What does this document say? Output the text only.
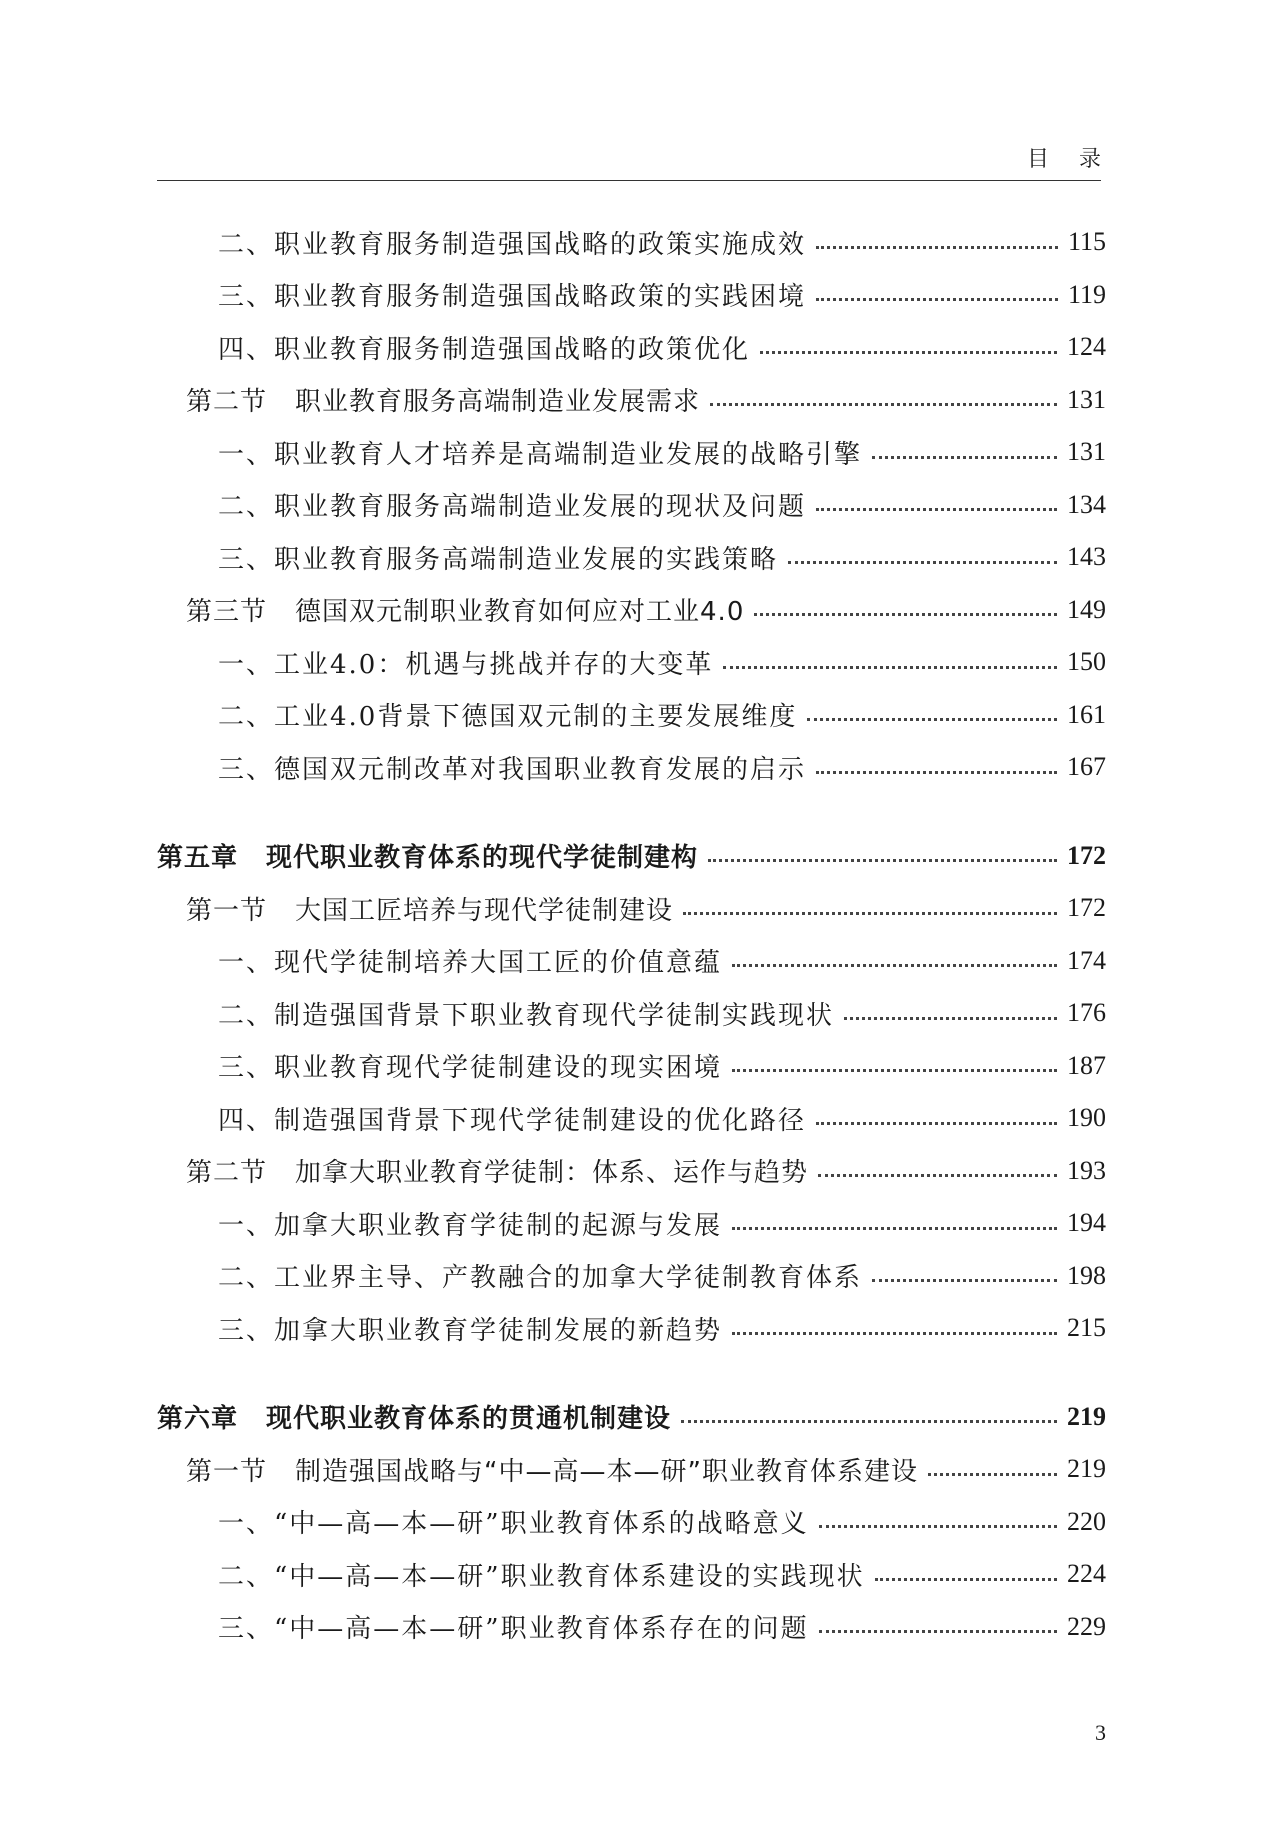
目录
二、职业教育服务制造强国战略的政策实施成效	115
三、职业教育服务制造强国战略政策的实践困境	119
四、职业教育服务制造强国战略的政策优化	124
第二节 职业教育服务高端制造业发展需求	131
一、职业教育人才培养是高端制造业发展的战略引擎	131
二、职业教育服务高端制造业发展的现状及问题	134
三、职业教育服务高端制造业发展的实践策略	143
第三节 德国双元制职业教育如何应对工业4.0	149
一、工业4.0：机遇与挑战并存的大变革	150
二、工业4.0背景下德国双元制的主要发展维度	161
三、德国双元制改革对我国职业教育发展的启示	167
第五章 现代职业教育体系的现代学徒制建构	172
第一节 大国工匠培养与现代学徒制建设	172
一、现代学徒制培养大国工匠的价值意蕴	174
二、制造强国背景下职业教育现代学徒制实践现状	176
三、职业教育现代学徒制建设的现实困境	187
四、制造强国背景下现代学徒制建设的优化路径	190
第二节 加拿大职业教育学徒制：体系、运作与趋势	193
一、加拿大职业教育学徒制的起源与发展	194
二、工业界主导、产教融合的加拿大学徒制教育体系	198
三、加拿大职业教育学徒制发展的新趋势	215
第六章 现代职业教育体系的贯通机制建设	219
第一节 制造强国战略与“中—高—本—研”职业教育体系建设	219
一、“中—高—本—研”职业教育体系的战略意义	220
二、“中—高—本—研”职业教育体系建设的实践现状	224
三、“中—高—本—研”职业教育体系存在的问题	229
3
